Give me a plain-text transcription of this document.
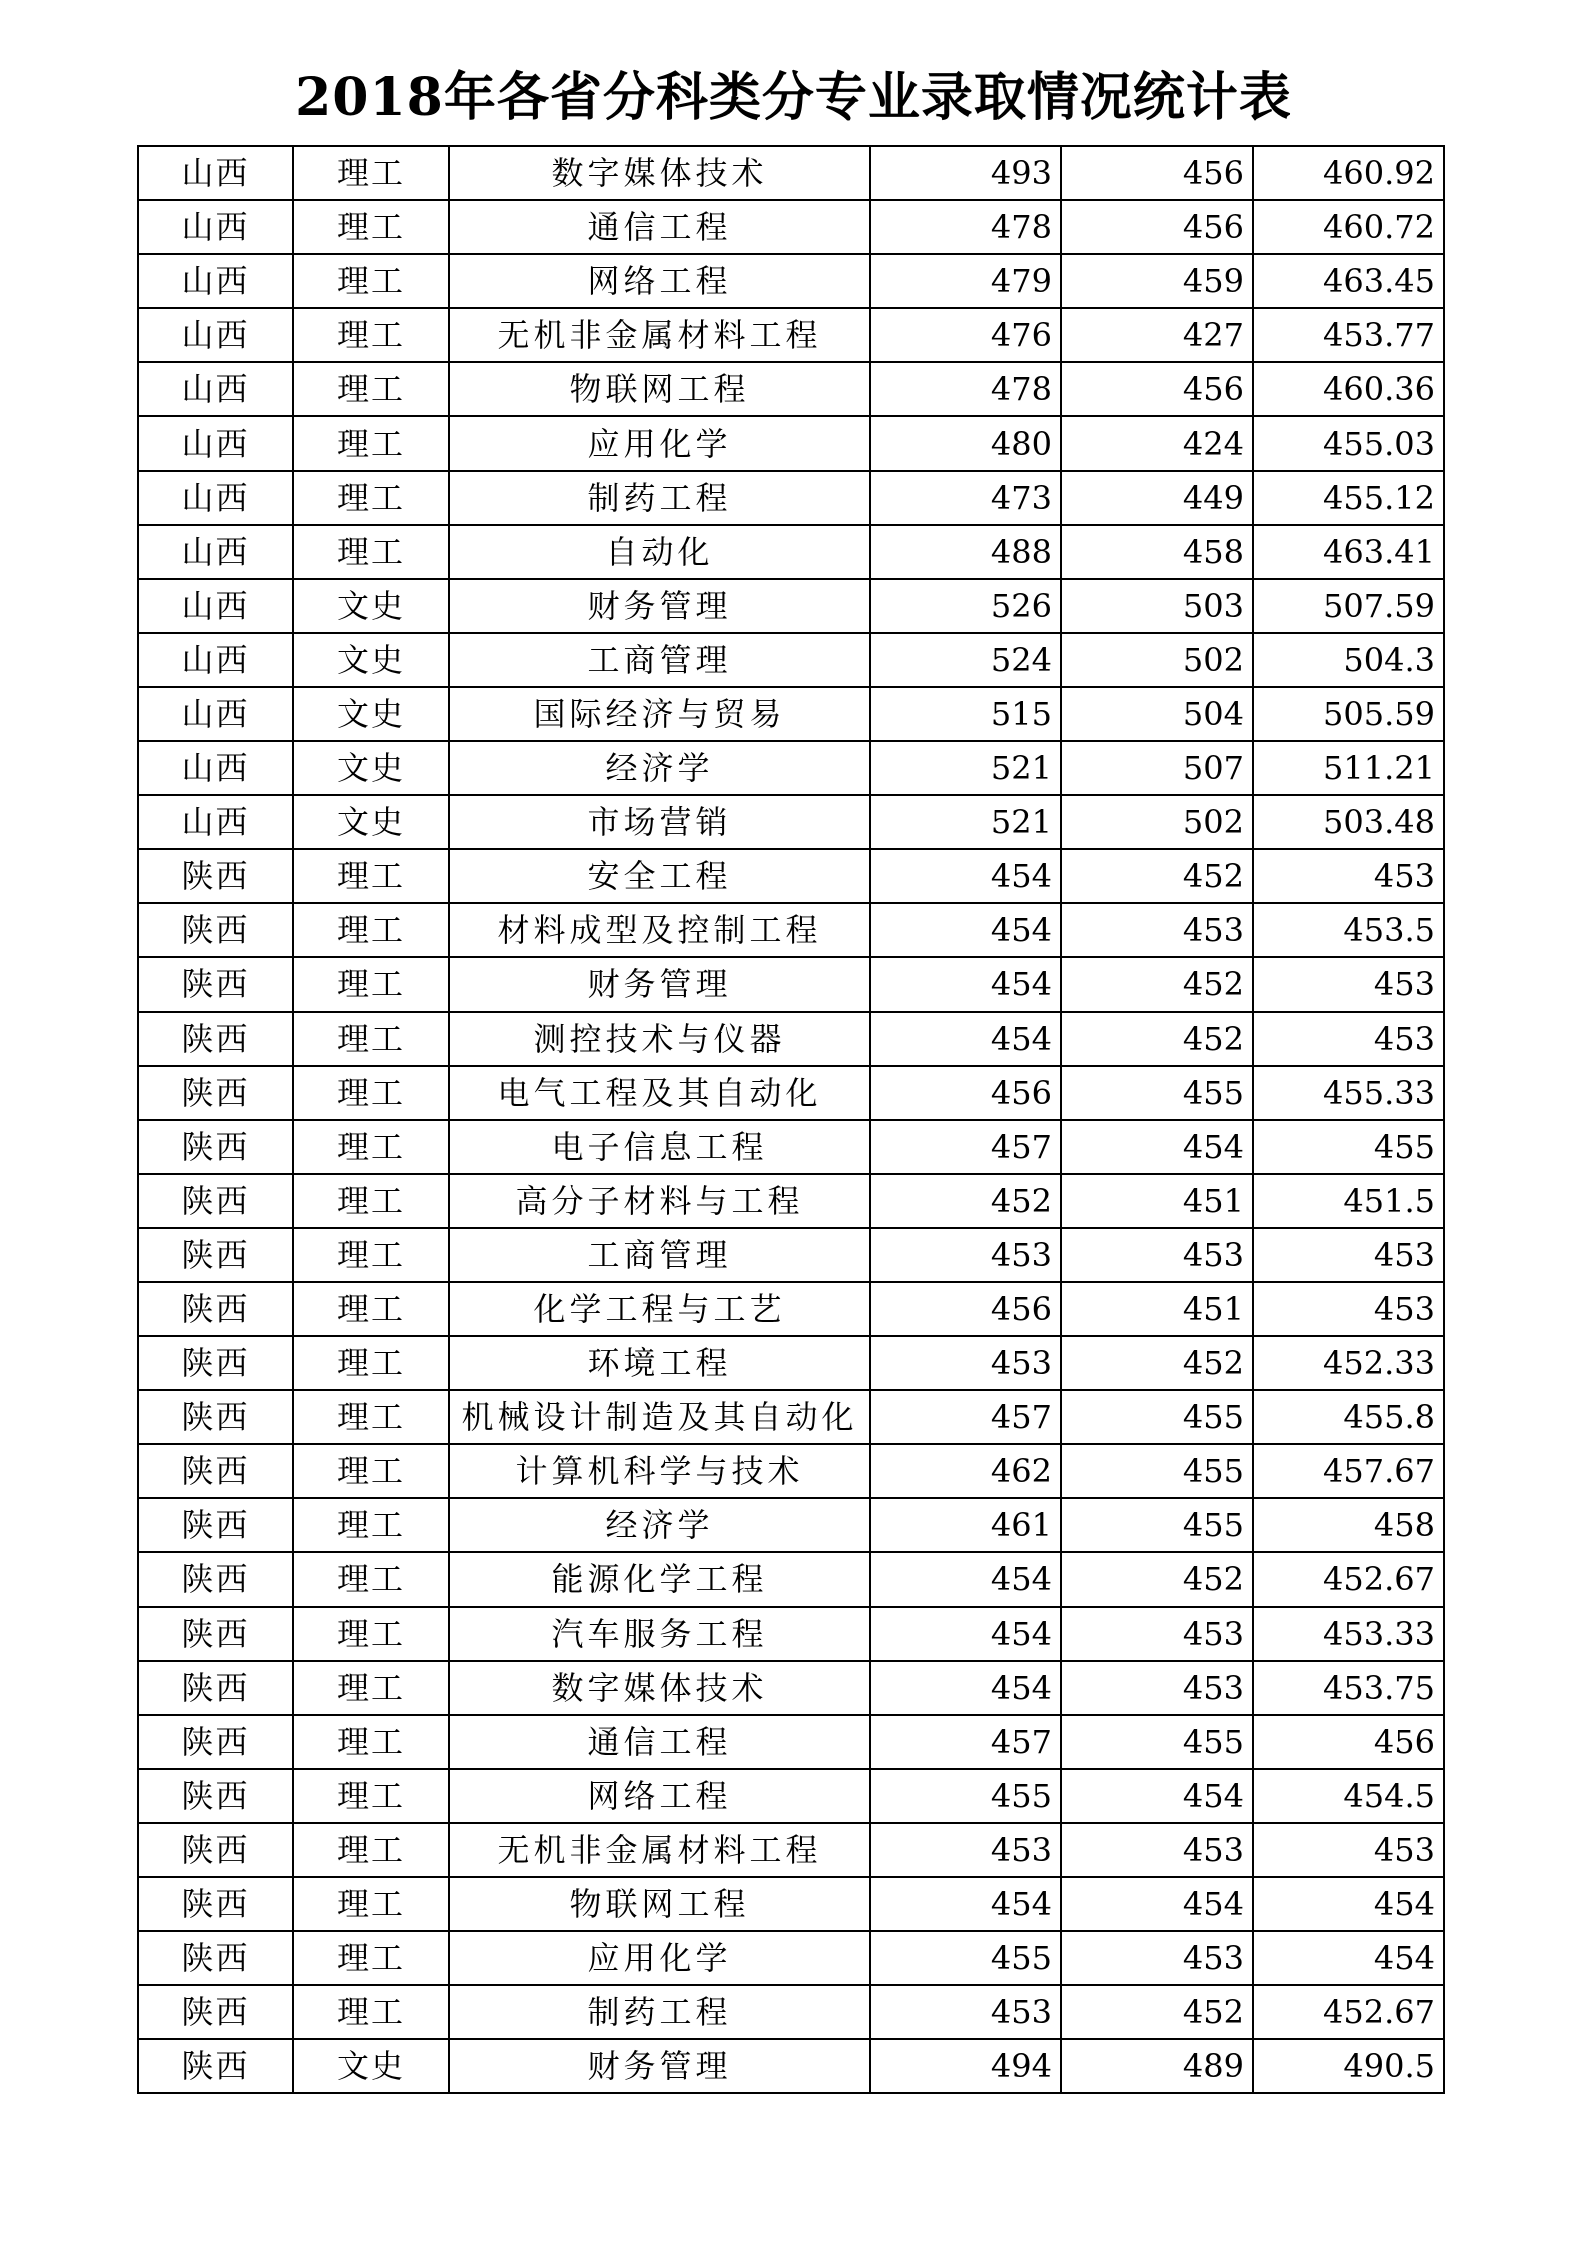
2018年各省分科类分专业录取情况统计表
山西	理工	数字媒体技术	493	456	460.92
山西	理工	通信工程	478	456	460.72
山西	理工	网络工程	479	459	463.45
山西	理工	无机非金属材料工程	476	427	453.77
山西	理工	物联网工程	478	456	460.36
山西	理工	应用化学	480	424	455.03
山西	理工	制药工程	473	449	455.12
山西	理工	自动化	488	458	463.41
山西	文史	财务管理	526	503	507.59
山西	文史	工商管理	524	502	504.3
山西	文史	国际经济与贸易	515	504	505.59
山西	文史	经济学	521	507	511.21
山西	文史	市场营销	521	502	503.48
陕西	理工	安全工程	454	452	453
陕西	理工	材料成型及控制工程	454	453	453.5
陕西	理工	财务管理	454	452	453
陕西	理工	测控技术与仪器	454	452	453
陕西	理工	电气工程及其自动化	456	455	455.33
陕西	理工	电子信息工程	457	454	455
陕西	理工	高分子材料与工程	452	451	451.5
陕西	理工	工商管理	453	453	453
陕西	理工	化学工程与工艺	456	451	453
陕西	理工	环境工程	453	452	452.33
陕西	理工	机械设计制造及其自动化	457	455	455.8
陕西	理工	计算机科学与技术	462	455	457.67
陕西	理工	经济学	461	455	458
陕西	理工	能源化学工程	454	452	452.67
陕西	理工	汽车服务工程	454	453	453.33
陕西	理工	数字媒体技术	454	453	453.75
陕西	理工	通信工程	457	455	456
陕西	理工	网络工程	455	454	454.5
陕西	理工	无机非金属材料工程	453	453	453
陕西	理工	物联网工程	454	454	454
陕西	理工	应用化学	455	453	454
陕西	理工	制药工程	453	452	452.67
陕西	文史	财务管理	494	489	490.5
